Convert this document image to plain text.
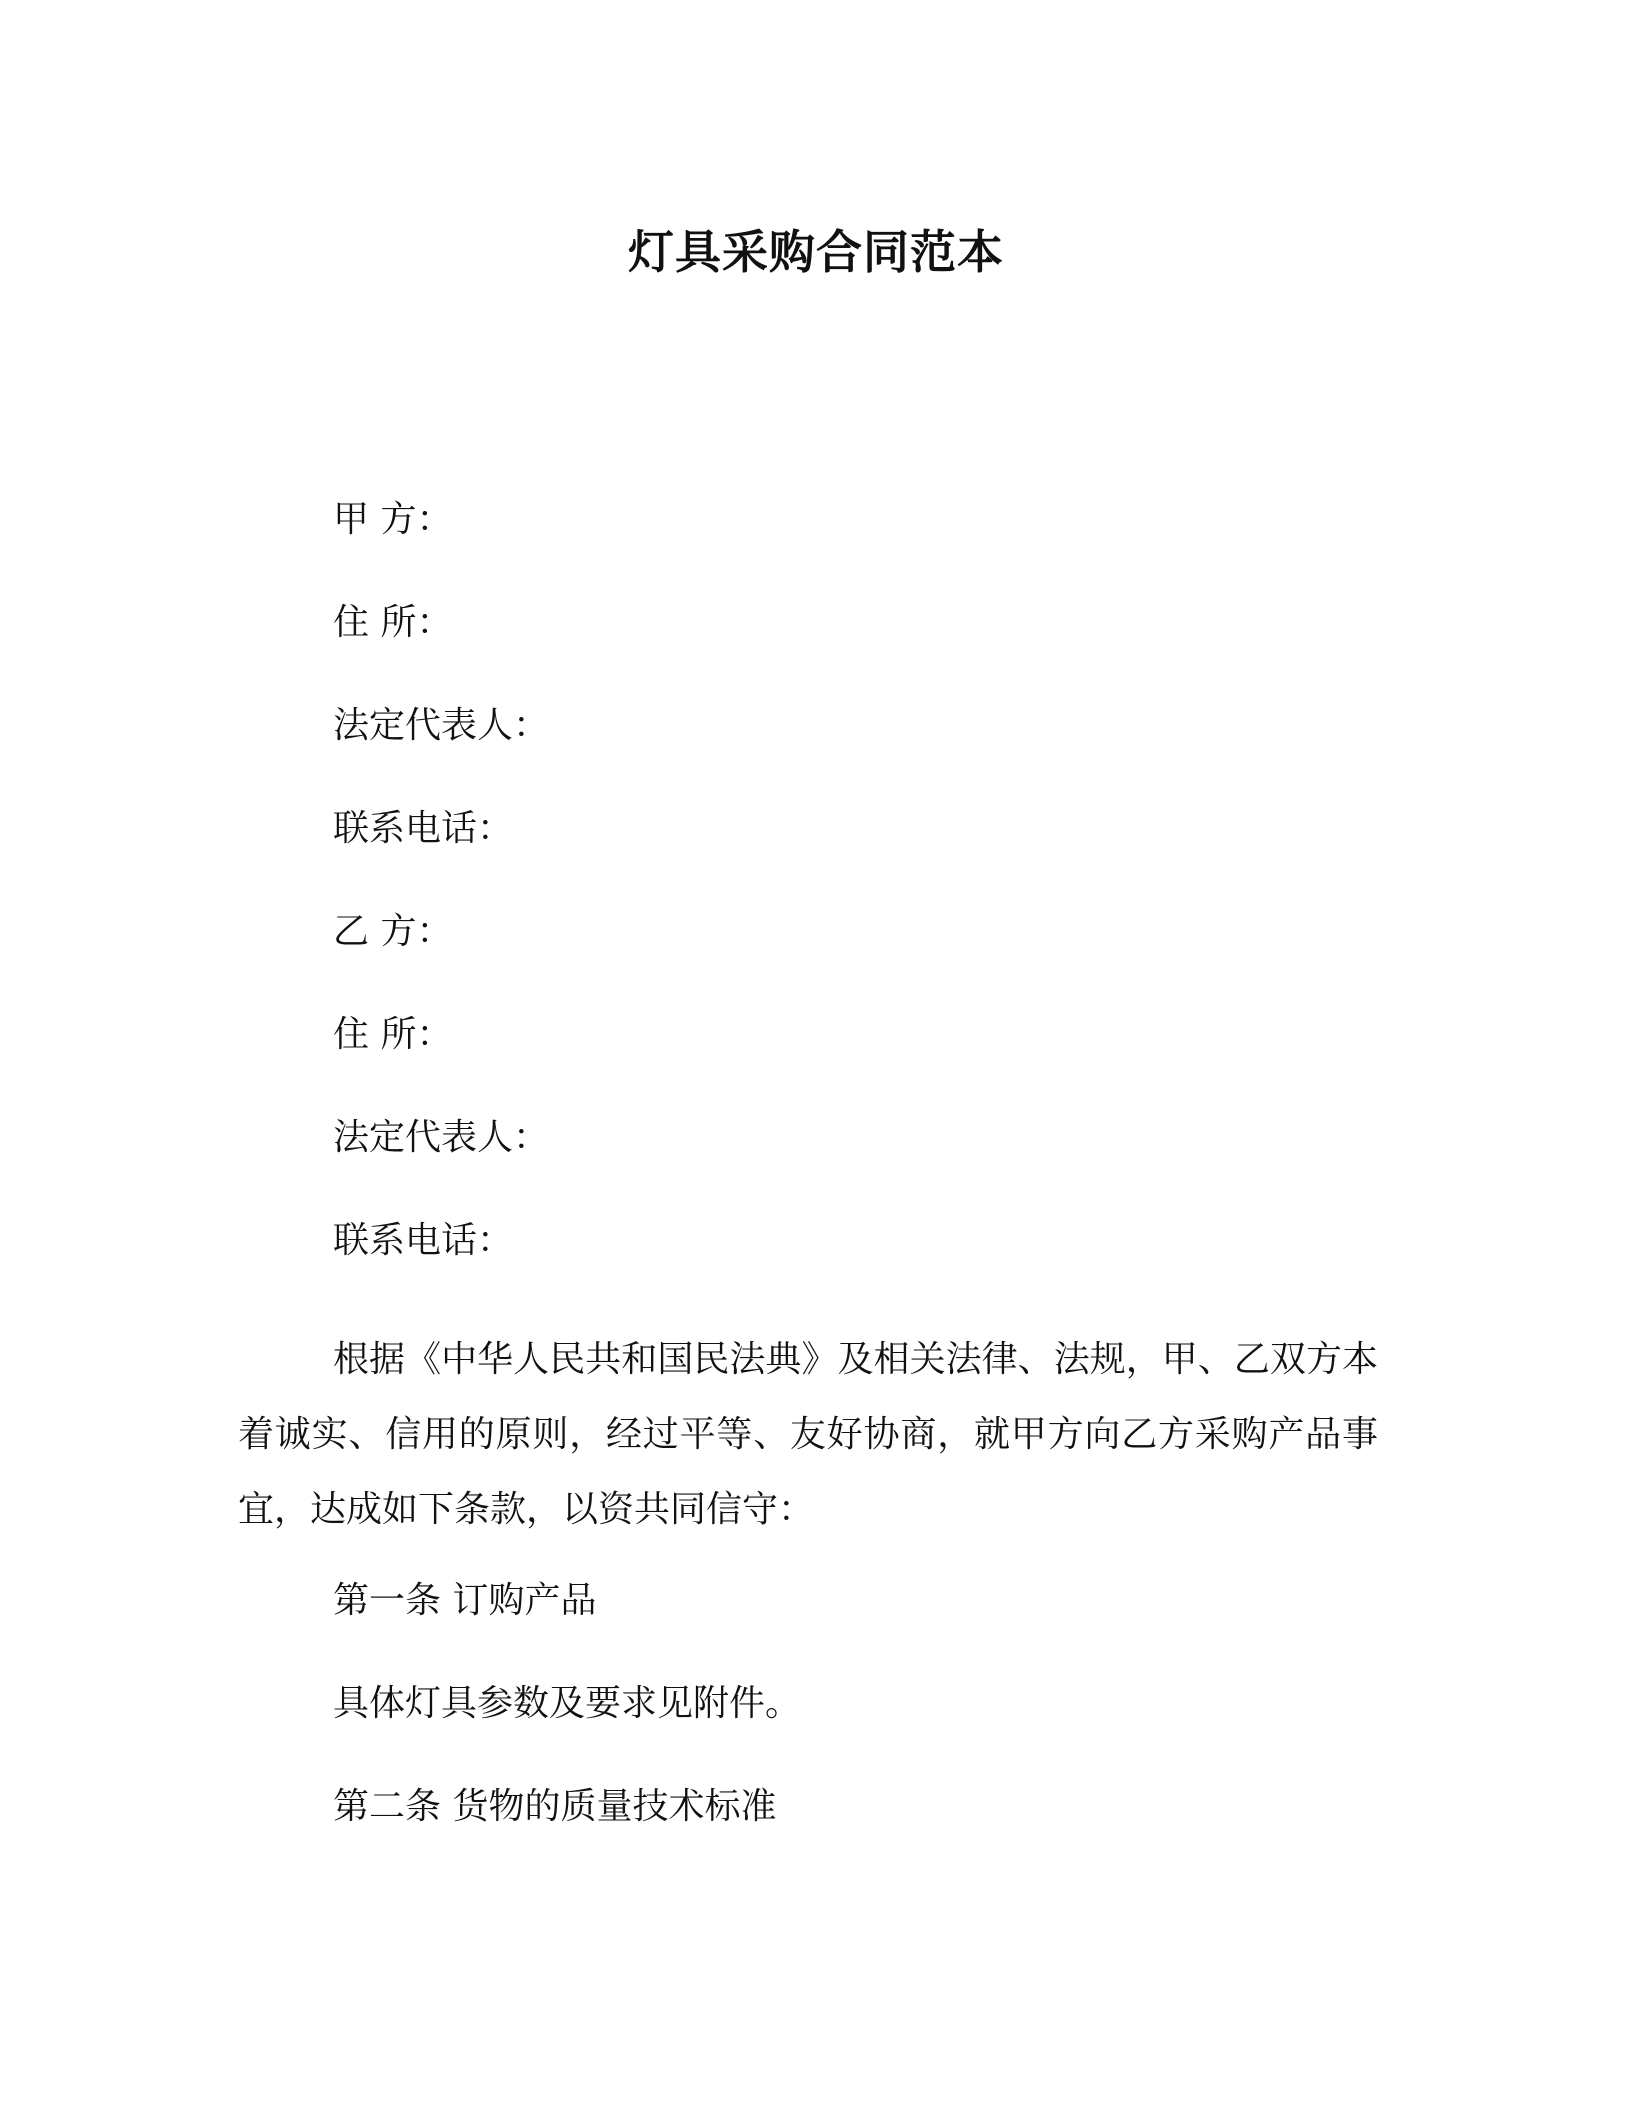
灯具采购合同范本

甲 方：

住 所：

法定代表人：

联系电话：

乙 方：

住 所：

法定代表人：

联系电话：

根据《中华人民共和国民法典》及相关法律、法规，甲、乙双方本着诚实、信用的原则，经过平等、友好协商，就甲方向乙方采购产品事宜，达成如下条款，以资共同信守：

第一条 订购产品

具体灯具参数及要求见附件。

第二条 货物的质量技术标准
